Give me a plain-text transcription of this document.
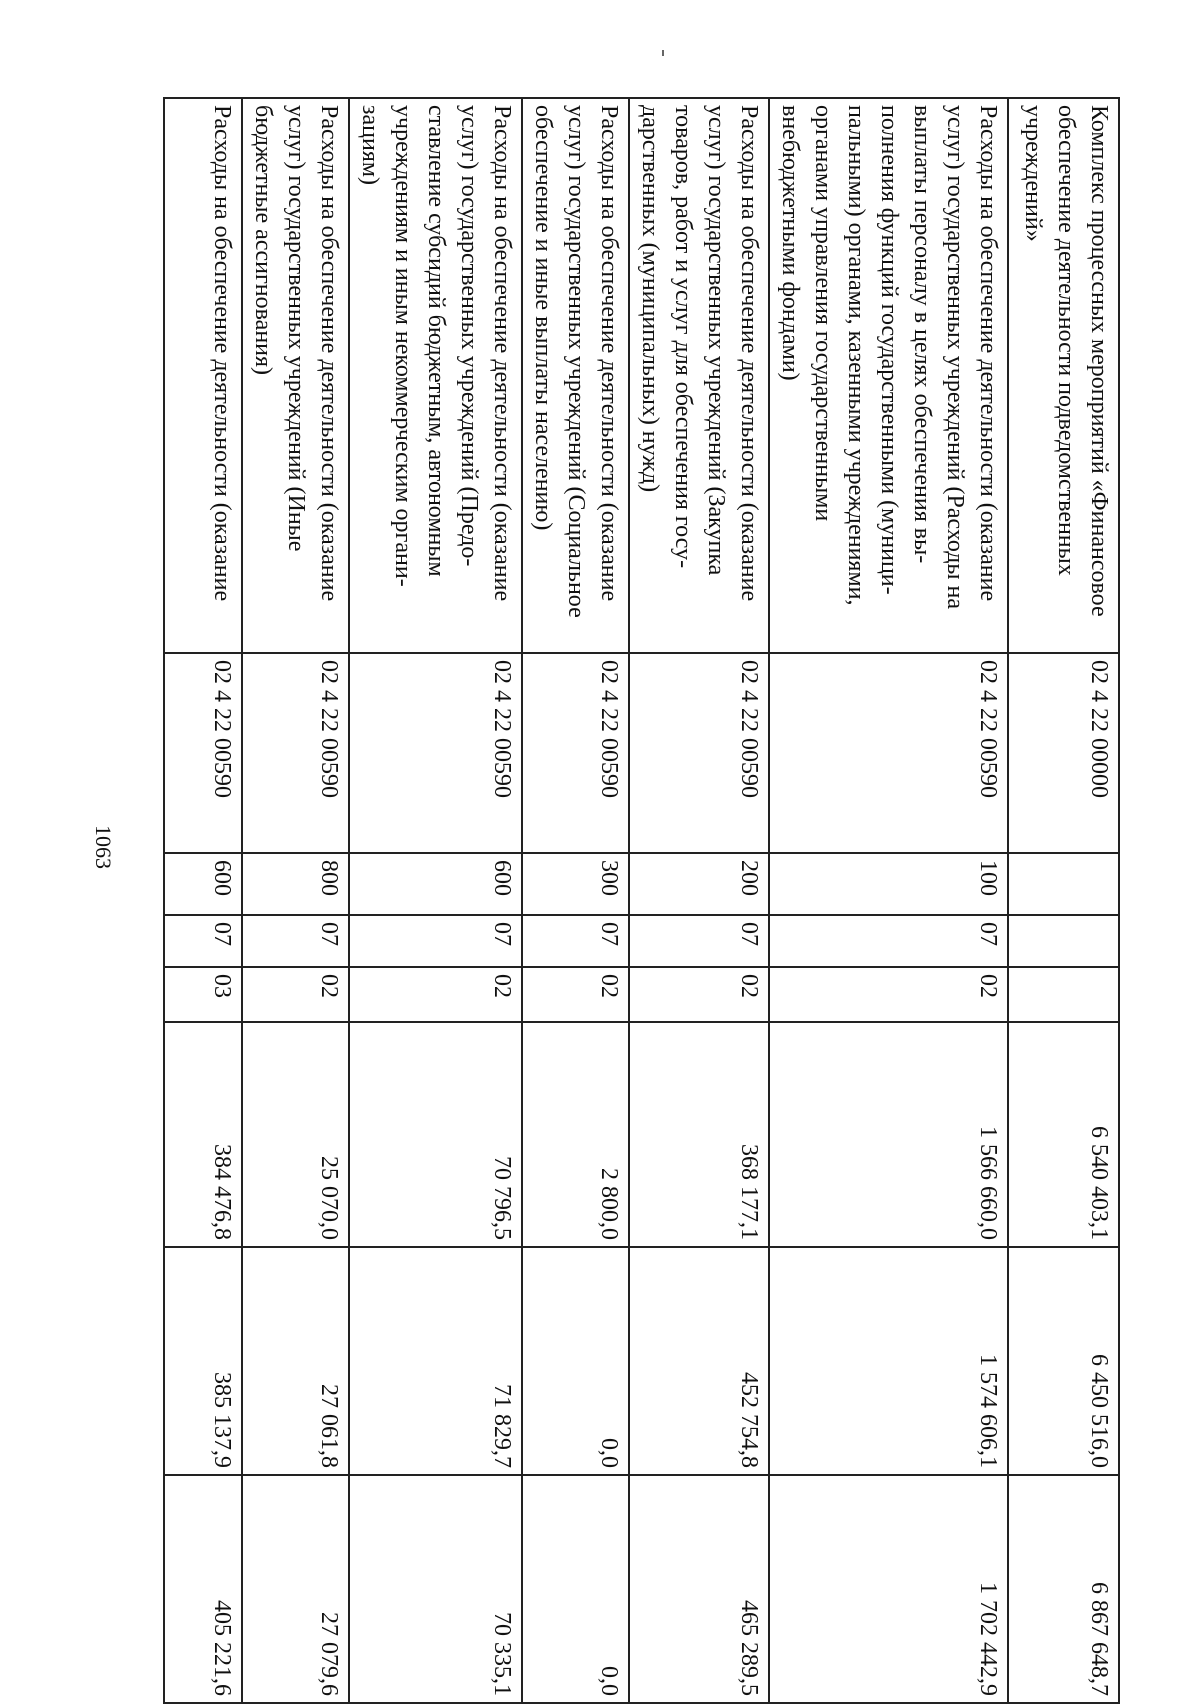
1063
Комплекс процессных мероприятий «Финансовое обеспечение деятельности подведомственных учреждений»	02 4 22 00000				6 540 403,1	6 450 516,0	6 867 648,7
Расходы на обеспечение деятельности (оказание услуг) государственных учреждений (Расходы на выплаты персоналу в целях обеспечения выполнения функций государственными (муниципальными) органами, казенными учреждениями, органами управления государственными внебюджетными фондами)	02 4 22 00590	100	07	02	1 566 660,0	1 574 606,1	1 702 442,9
Расходы на обеспечение деятельности (оказание услуг) государственных учреждений (Закупка товаров, работ и услуг для обеспечения государственных (муниципальных) нужд)	02 4 22 00590	200	07	02	368 177,1	452 754,8	465 289,5
Расходы на обеспечение деятельности (оказание услуг) государственных учреждений (Социальное обеспечение и иные выплаты населению)	02 4 22 00590	300	07	02	2 800,0	0,0	0,0
Расходы на обеспечение деятельности (оказание услуг) государственных учреждений (Предоставление субсидий бюджетным, автономным учреждениям и иным некоммерческим организациям)	02 4 22 00590	600	07	02	70 796,5	71 829,7	70 335,1
Расходы на обеспечение деятельности (оказание услуг) государственных учреждений (Иные бюджетные ассигнования)	02 4 22 00590	800	07	02	25 070,0	27 061,8	27 079,6
Расходы на обеспечение деятельности (оказание	02 4 22 00590	600	07	03	384 476,8	385 137,9	405 221,6
